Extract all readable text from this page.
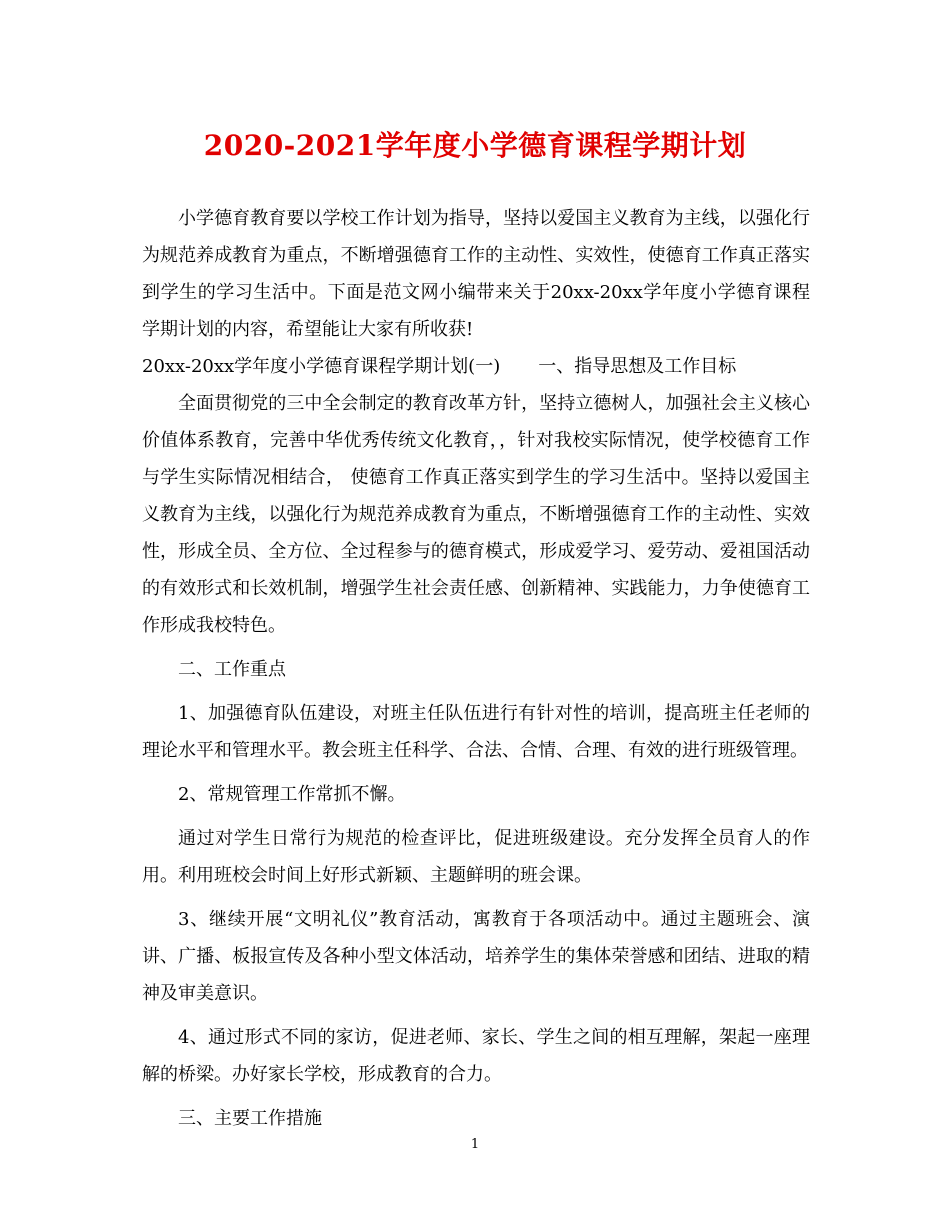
2020-2021学年度小学德育课程学期计划

小学德育教育要以学校工作计划为指导，坚持以爱国主义教育为主线，以强化行为规范养成教育为重点，不断增强德育工作的主动性、实效性，使德育工作真正落实到学生的学习生活中。下面是范文网小编带来关于20xx-20xx学年度小学德育课程学期计划的内容，希望能让大家有所收获!

20xx-20xx学年度小学德育课程学期计划(一) 一、指导思想及工作目标

全面贯彻党的三中全会制定的教育改革方针，坚持立德树人，加强社会主义核心价值体系教育，完善中华优秀传统文化教育，，针对我校实际情况，使学校德育工作与学生实际情况相结合， 使德育工作真正落实到学生的学习生活中。坚持以爱国主义教育为主线，以强化行为规范养成教育为重点，不断增强德育工作的主动性、实效性，形成全员、全方位、全过程参与的德育模式，形成爱学习、爱劳动、爱祖国活动的有效形式和长效机制，增强学生社会责任感、创新精神、实践能力，力争使德育工作形成我校特色。

二、工作重点

1、加强德育队伍建设，对班主任队伍进行有针对性的培训，提高班主任老师的理论水平和管理水平。教会班主任科学、合法、合情、合理、有效的进行班级管理。

2、常规管理工作常抓不懈。

通过对学生日常行为规范的检查评比，促进班级建设。充分发挥全员育人的作用。利用班校会时间上好形式新颖、主题鲜明的班会课。

3、继续开展“文明礼仪”教育活动，寓教育于各项活动中。通过主题班会、演讲、广播、板报宣传及各种小型文体活动，培养学生的集体荣誉感和团结、进取的精神及审美意识。

4、通过形式不同的家访，促进老师、家长、学生之间的相互理解，架起一座理解的桥梁。办好家长学校，形成教育的合力。

三、主要工作措施

1
